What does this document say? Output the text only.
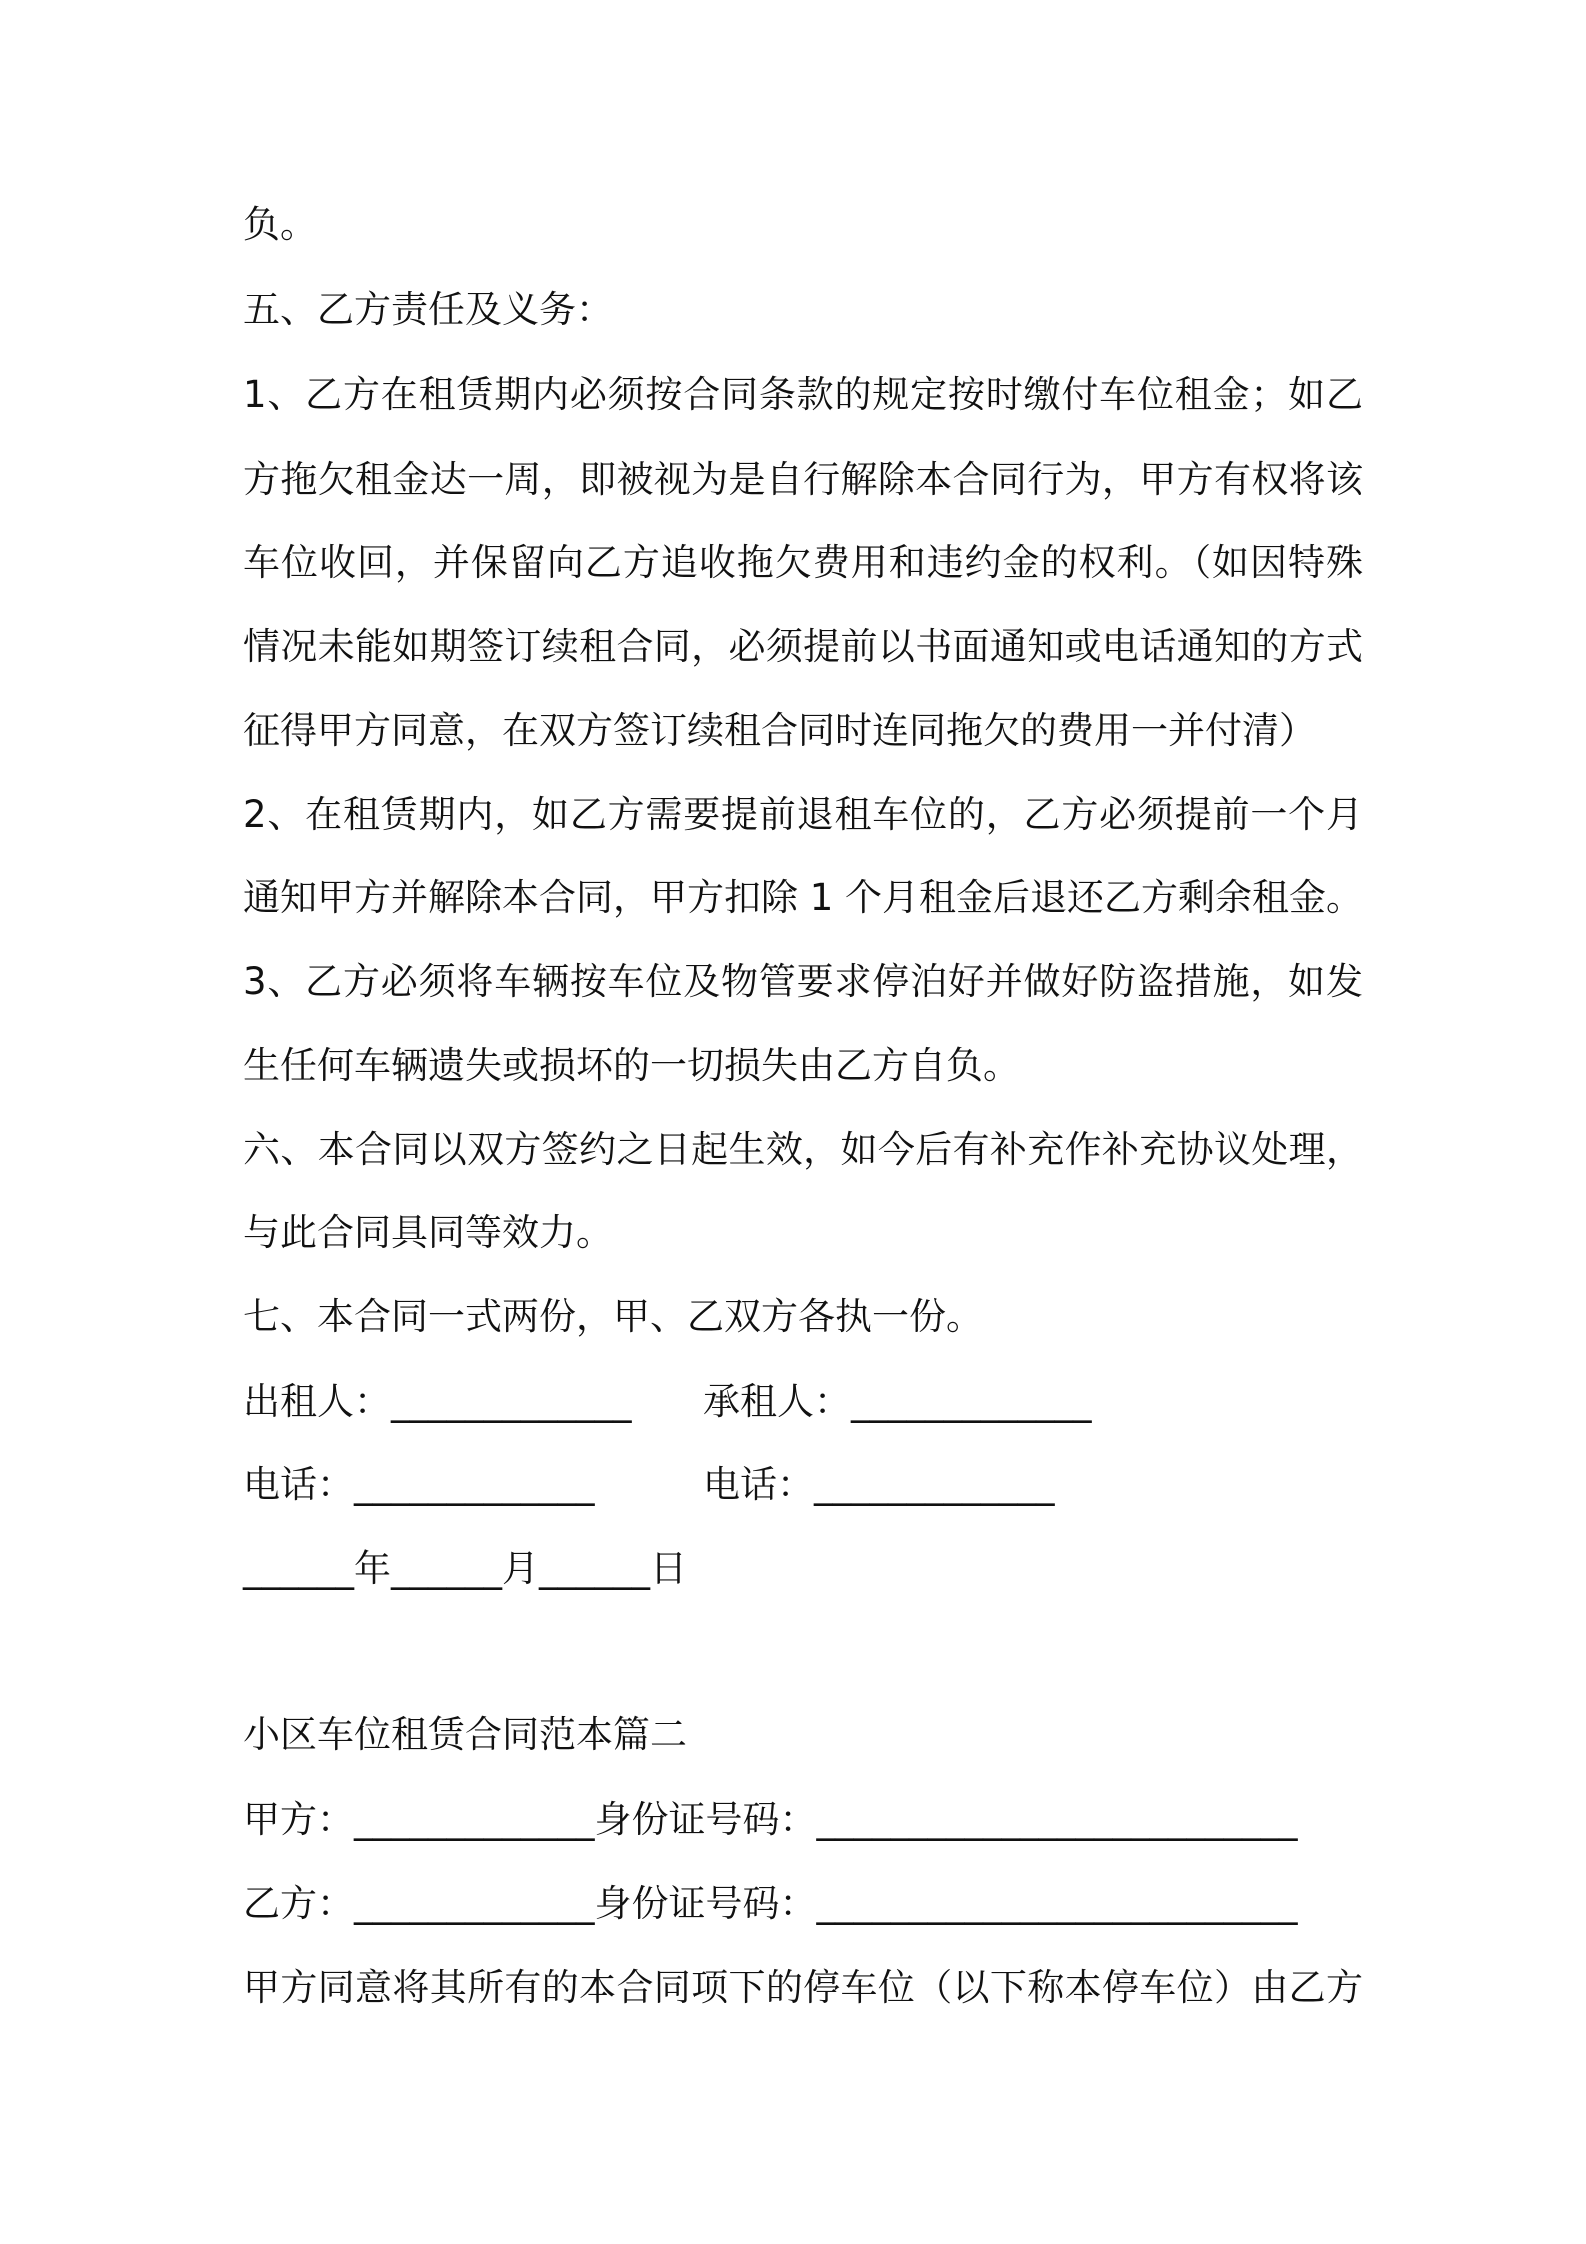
负。
五、乙方责任及义务：
1、乙方在租赁期内必须按合同条款的规定按时缴付车位租金；如乙
方拖欠租金达一周，即被视为是自行解除本合同行为，甲方有权将该
车位收回，并保留向乙方追收拖欠费用和违约金的权利。（如因特殊
情况未能如期签订续租合同，必须提前以书面通知或电话通知的方式
征得甲方同意，在双方签订续租合同时连同拖欠的费用一并付清）
2、在租赁期内，如乙方需要提前退租车位的，乙方必须提前一个月
通知甲方并解除本合同，甲方扣除 1 个月租金后退还乙方剩余租金。
3、乙方必须将车辆按车位及物管要求停泊好并做好防盗措施，如发
生任何车辆遗失或损坏的一切损失由乙方自负。
六、本合同以双方签约之日起生效，如今后有补充作补充协议处理，
与此合同具同等效力。
七、本合同一式两份，甲、乙双方各执一份。
出租人：_____________ 承租人：_____________
电话：_____________	电话：_____________
______年______月______日
小区车位租赁合同范本篇二
甲方：_____________身份证号码：__________________________
乙方：_____________身份证号码：__________________________
甲方同意将其所有的本合同项下的停车位（以下称本停车位）由乙方
